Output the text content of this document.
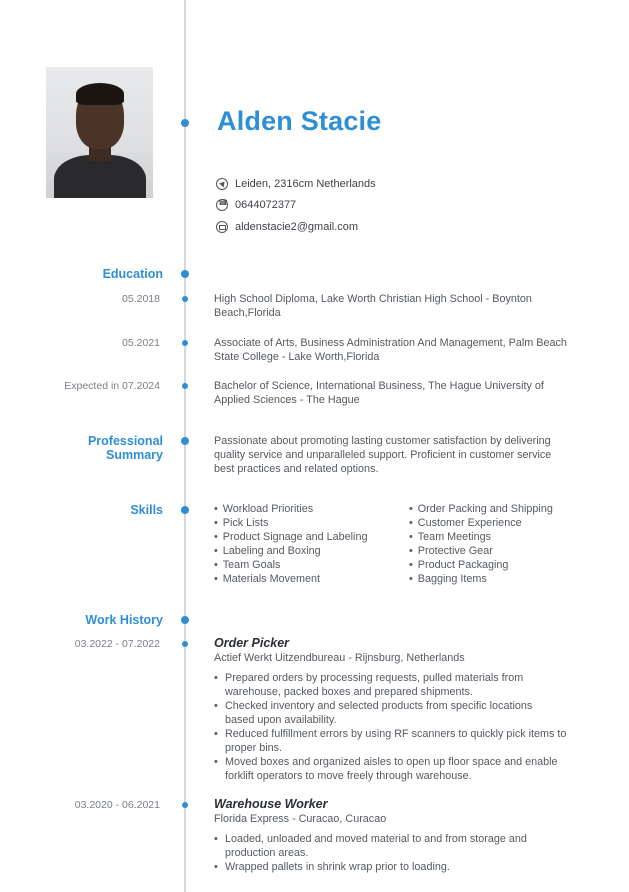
Alden Stacie
Leiden, 2316cm Netherlands
☎
0644072377
aldenstacie2@gmail.com
Education
05.2018	High School Diploma, Lake Worth Christian High School - Boynton
Beach,Florida
05.2021	Associate of Arts, Business Administration And Management, Palm Beach
State College - Lake Worth,Florida
Expected in 07.2024	Bachelor of Science, International Business, The Hague University of
Applied Sciences - The Hague
Professional
Summary
Passionate about promoting lasting customer satisfaction by delivering
quality service and unparalleled support. Proficient in customer service
best practices and related options.
Skills
•	Workload Priorities
• Pick Lists
• Product Signage and Labeling
• Labeling and Boxing
• Team Goals
• Materials Movement
• Order Packing and Shipping
• Customer Experience
• Team Meetings
• Protective Gear
• Product Packaging
• Bagging Items
Work History
03.2022 - 07.2022	Order Picker
Actief Werkt Uitzendbureau - Rijnsburg, Netherlands
• Prepared orders by processing requests, pulled materials from
warehouse, packed boxes and prepared shipments.
• Checked inventory and selected products from specific locations
based upon availability.
• Reduced fulfillment errors by using RF scanners to quickly pick items to
proper bins.
• Moved boxes and organized aisles to open up floor space and enable
forklift operators to move freely through warehouse.
03.2020 - 06.2021	Warehouse Worker
Florida Express - Curacao, Curacao
• Loaded, unloaded and moved material to and from storage and
production areas.
• Wrapped pallets in shrink wrap prior to loading.
